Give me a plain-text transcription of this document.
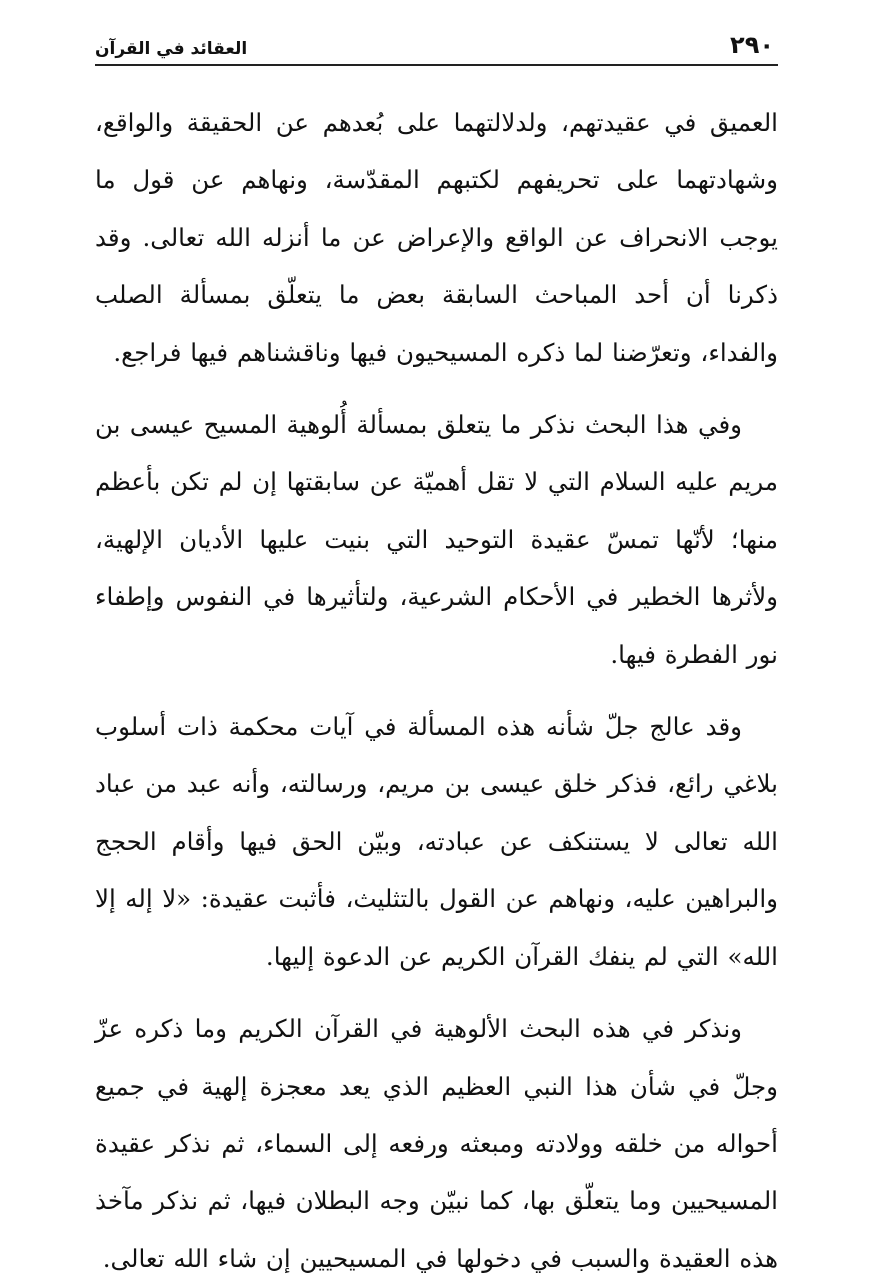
٢٩٠
العقائد في القرآن

العميق في عقيدتهم، ولدلالتهما على بُعدهم عن الحقيقة والواقع، وشهادتهما على تحريفهم لكتبهم المقدّسة، ونهاهم عن قول ما يوجب الانحراف عن الواقع والإعراض عن ما أنزله الله تعالى. وقد ذكرنا أن أحد المباحث السابقة بعض ما يتعلّق بمسألة الصلب والفداء، وتعرّضنا لما ذكره المسيحيون فيها وناقشناهم فيها فراجع.

وفي هذا البحث نذكر ما يتعلق بمسألة أُلوهية المسيح عيسى بن مريم عليه السلام التي لا تقل أهميّة عن سابقتها إن لم تكن بأعظم منها؛ لأنّها تمسّ عقيدة التوحيد التي بنيت عليها الأديان الإلهية، ولأثرها الخطير في الأحكام الشرعية، ولتأثيرها في النفوس وإطفاء نور الفطرة فيها.

وقد عالج جلّ شأنه هذه المسألة في آيات محكمة ذات أسلوب بلاغي رائع، فذكر خلق عيسى بن مريم، ورسالته، وأنه عبد من عباد الله تعالى لا يستنكف عن عبادته، وبيّن الحق فيها وأقام الحجج والبراهين عليه، ونهاهم عن القول بالتثليث، فأثبت عقيدة: «لا إله إلا الله» التي لم ينفك القرآن الكريم عن الدعوة إليها.

ونذكر في هذه البحث الألوهية في القرآن الكريم وما ذكره عزّ وجلّ في شأن هذا النبي العظيم الذي يعد معجزة إلهية في جميع أحواله من خلقه وولادته ومبعثه ورفعه إلى السماء، ثم نذكر عقيدة المسيحيين وما يتعلّق بها، كما نبيّن وجه البطلان فيها، ثم نذكر مآخذ هذه العقيدة والسبب في دخولها في المسيحيين إن شاء الله تعالى.
